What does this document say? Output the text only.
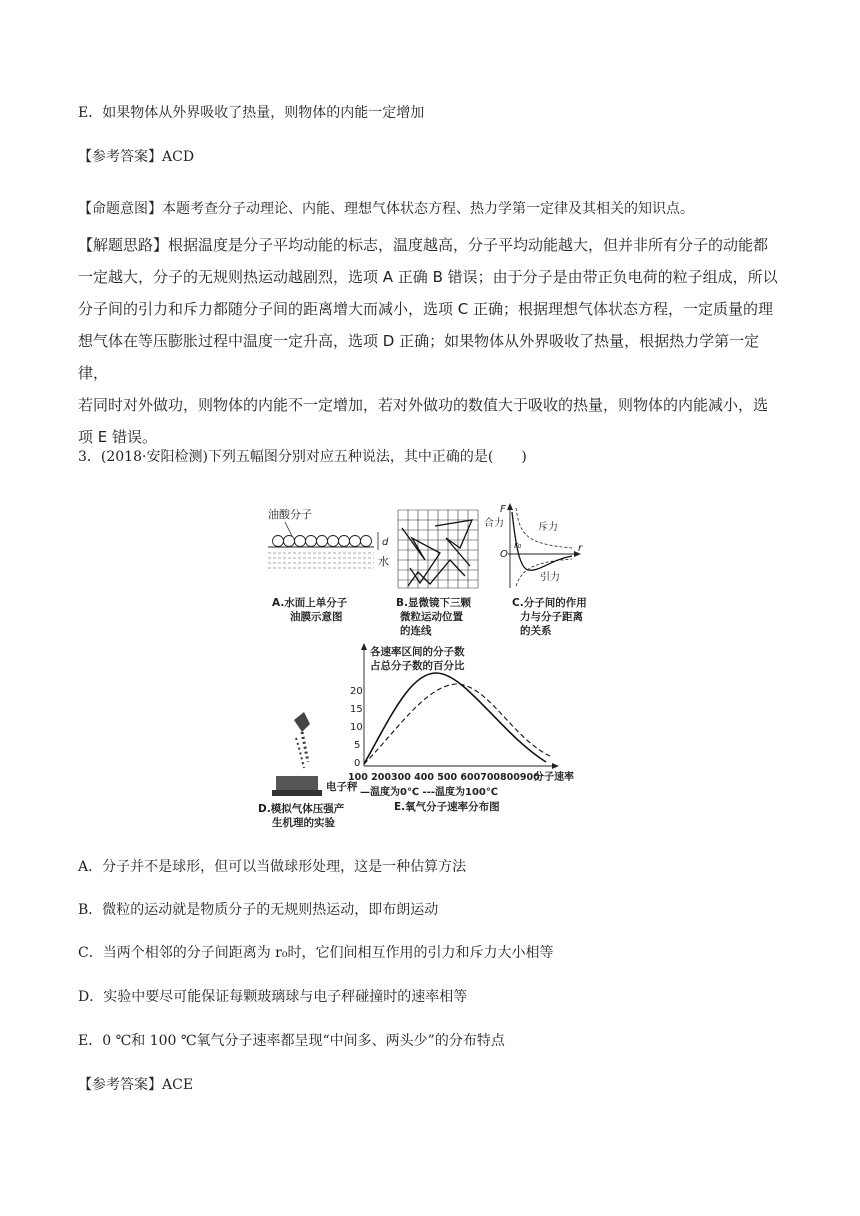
E．如果物体从外界吸收了热量，则物体的内能一定增加
【参考答案】ACD
【命题意图】本题考查分子动理论、内能、理想气体状态方程、热力学第一定律及其相关的知识点。
【解题思路】根据温度是分子平均动能的标志，温度越高，分子平均动能越大，但并非所有分子的动能都
一定越大，分子的无规则热运动越剧烈，选项 A 正确 B 错误；由于分子是由带正负电荷的粒子组成，所以
分子间的引力和斥力都随分子间的距离增大而减小，选项 C 正确；根据理想气体状态方程，一定质量的理
想气体在等压膨胀过程中温度一定升高，选项 D 正确；如果物体从外界吸收了热量，根据热力学第一定律，
若同时对外做功，则物体的内能不一定增加，若对外做功的数值大于吸收的热量，则物体的内能减小，选
项 E 错误。
3．(2018·安阳检测)下列五幅图分别对应五种说法，其中正确的是(　　)
油酸分子
d
水
A.水面上单分子
油膜示意图
B.显微镜下三颗
微粒运动位置
的连线
F
合力	斥力
r₀
O
r
引力
C.分子间的作用
力与分子距离
的关系
电子秤
D.模拟气体压强产
生机理的实验
各速率区间的分子数
占总分子数的百分比
20
15
10
5
0
100 200300 400 500 600700800900
分子速率
—温度为0℃ ---温度为100℃
E.氧气分子速率分布图
A．分子并不是球形，但可以当做球形处理，这是一种估算方法
B．微粒的运动就是物质分子的无规则热运动，即布朗运动
C．当两个相邻的分子间距离为 r₀时，它们间相互作用的引力和斥力大小相等
D．实验中要尽可能保证每颗玻璃球与电子秤碰撞时的速率相等
E．0 ℃和 100 ℃氧气分子速率都呈现“中间多、两头少”的分布特点
【参考答案】ACE
